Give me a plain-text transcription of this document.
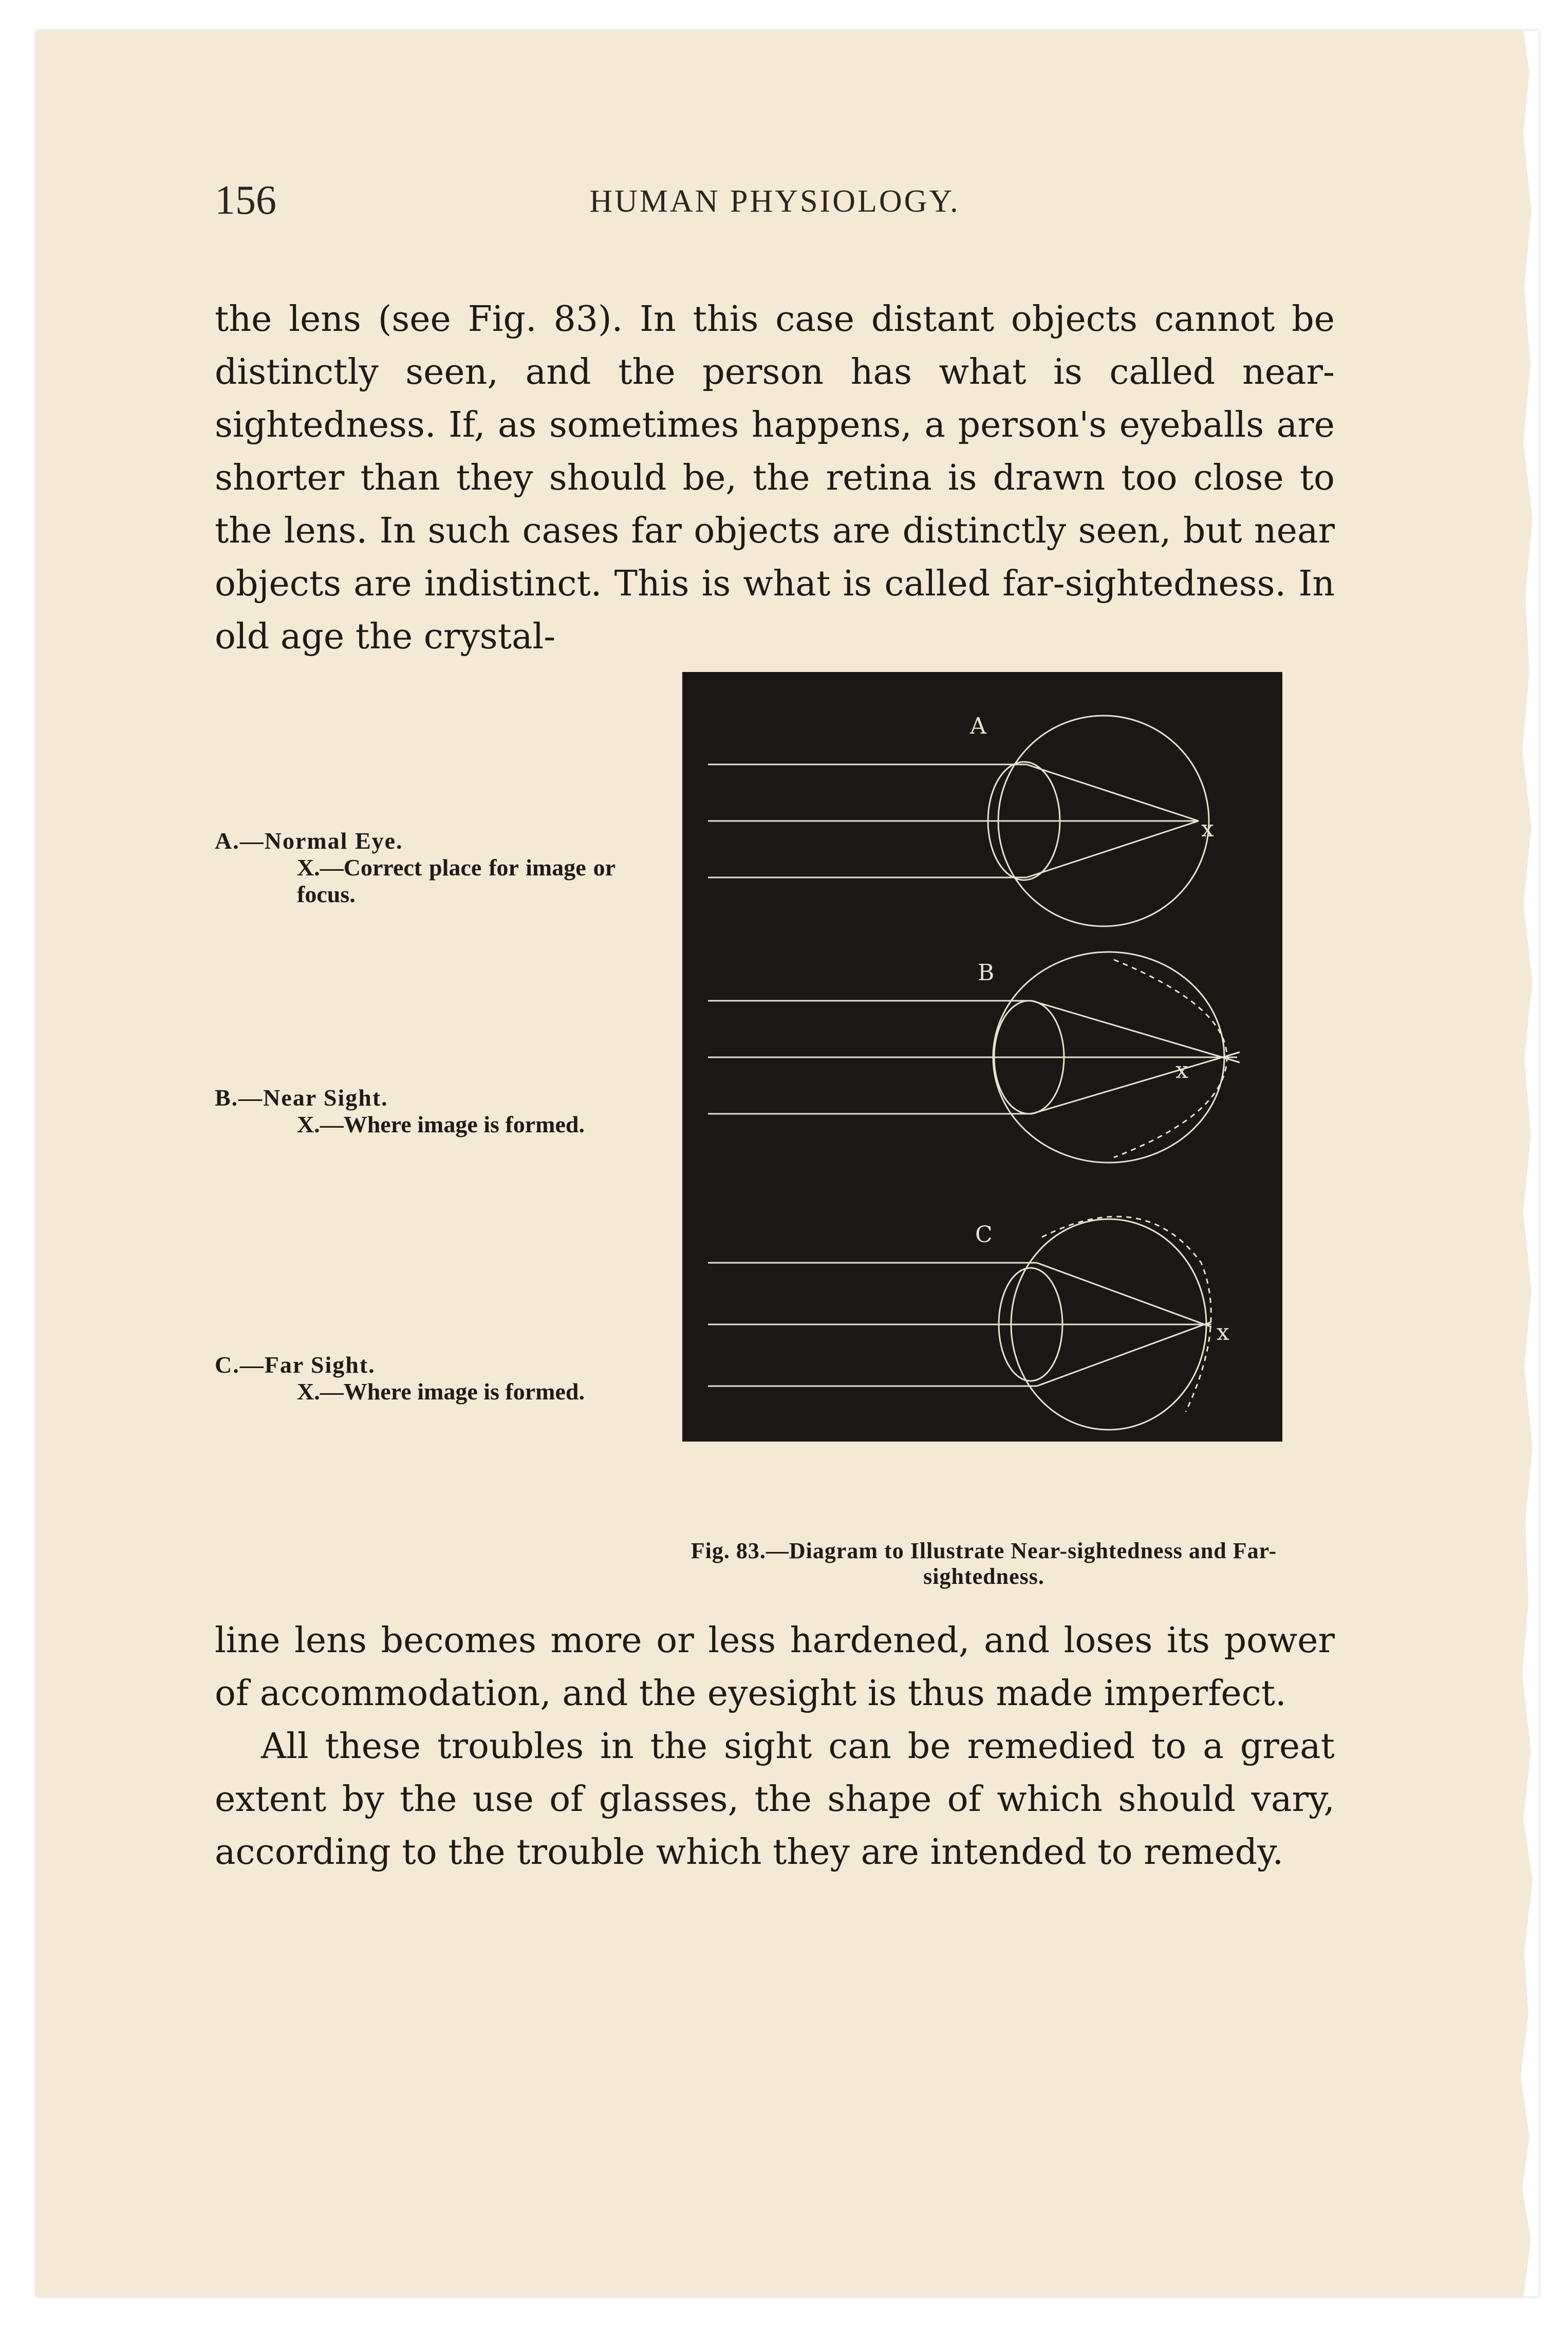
156	HUMAN PHYSIOLOGY.

the lens (see Fig. 83). In this case distant objects cannot be distinctly seen, and the person has what is called near-sightedness. If, as sometimes happens, a person's eyeballs are shorter than they should be, the retina is drawn too close to the lens. In such cases far objects are distinctly seen, but near objects are indistinct. This is what is called far-sightedness. In old age the crystal-

A.—Normal Eye.
X.—Correct place for image or focus.
B.—Near Sight.
X.—Where image is formed.
C.—Far Sight.
X.—Where image is formed.
A
B
C
x
x
x
Fig. 83.—Diagram to Illustrate Near-sightedness and Far-sightedness.

line lens becomes more or less hardened, and loses its power of accommodation, and the eyesight is thus made imperfect.

All these troubles in the sight can be remedied to a great extent by the use of glasses, the shape of which should vary, according to the trouble which they are intended to remedy.
